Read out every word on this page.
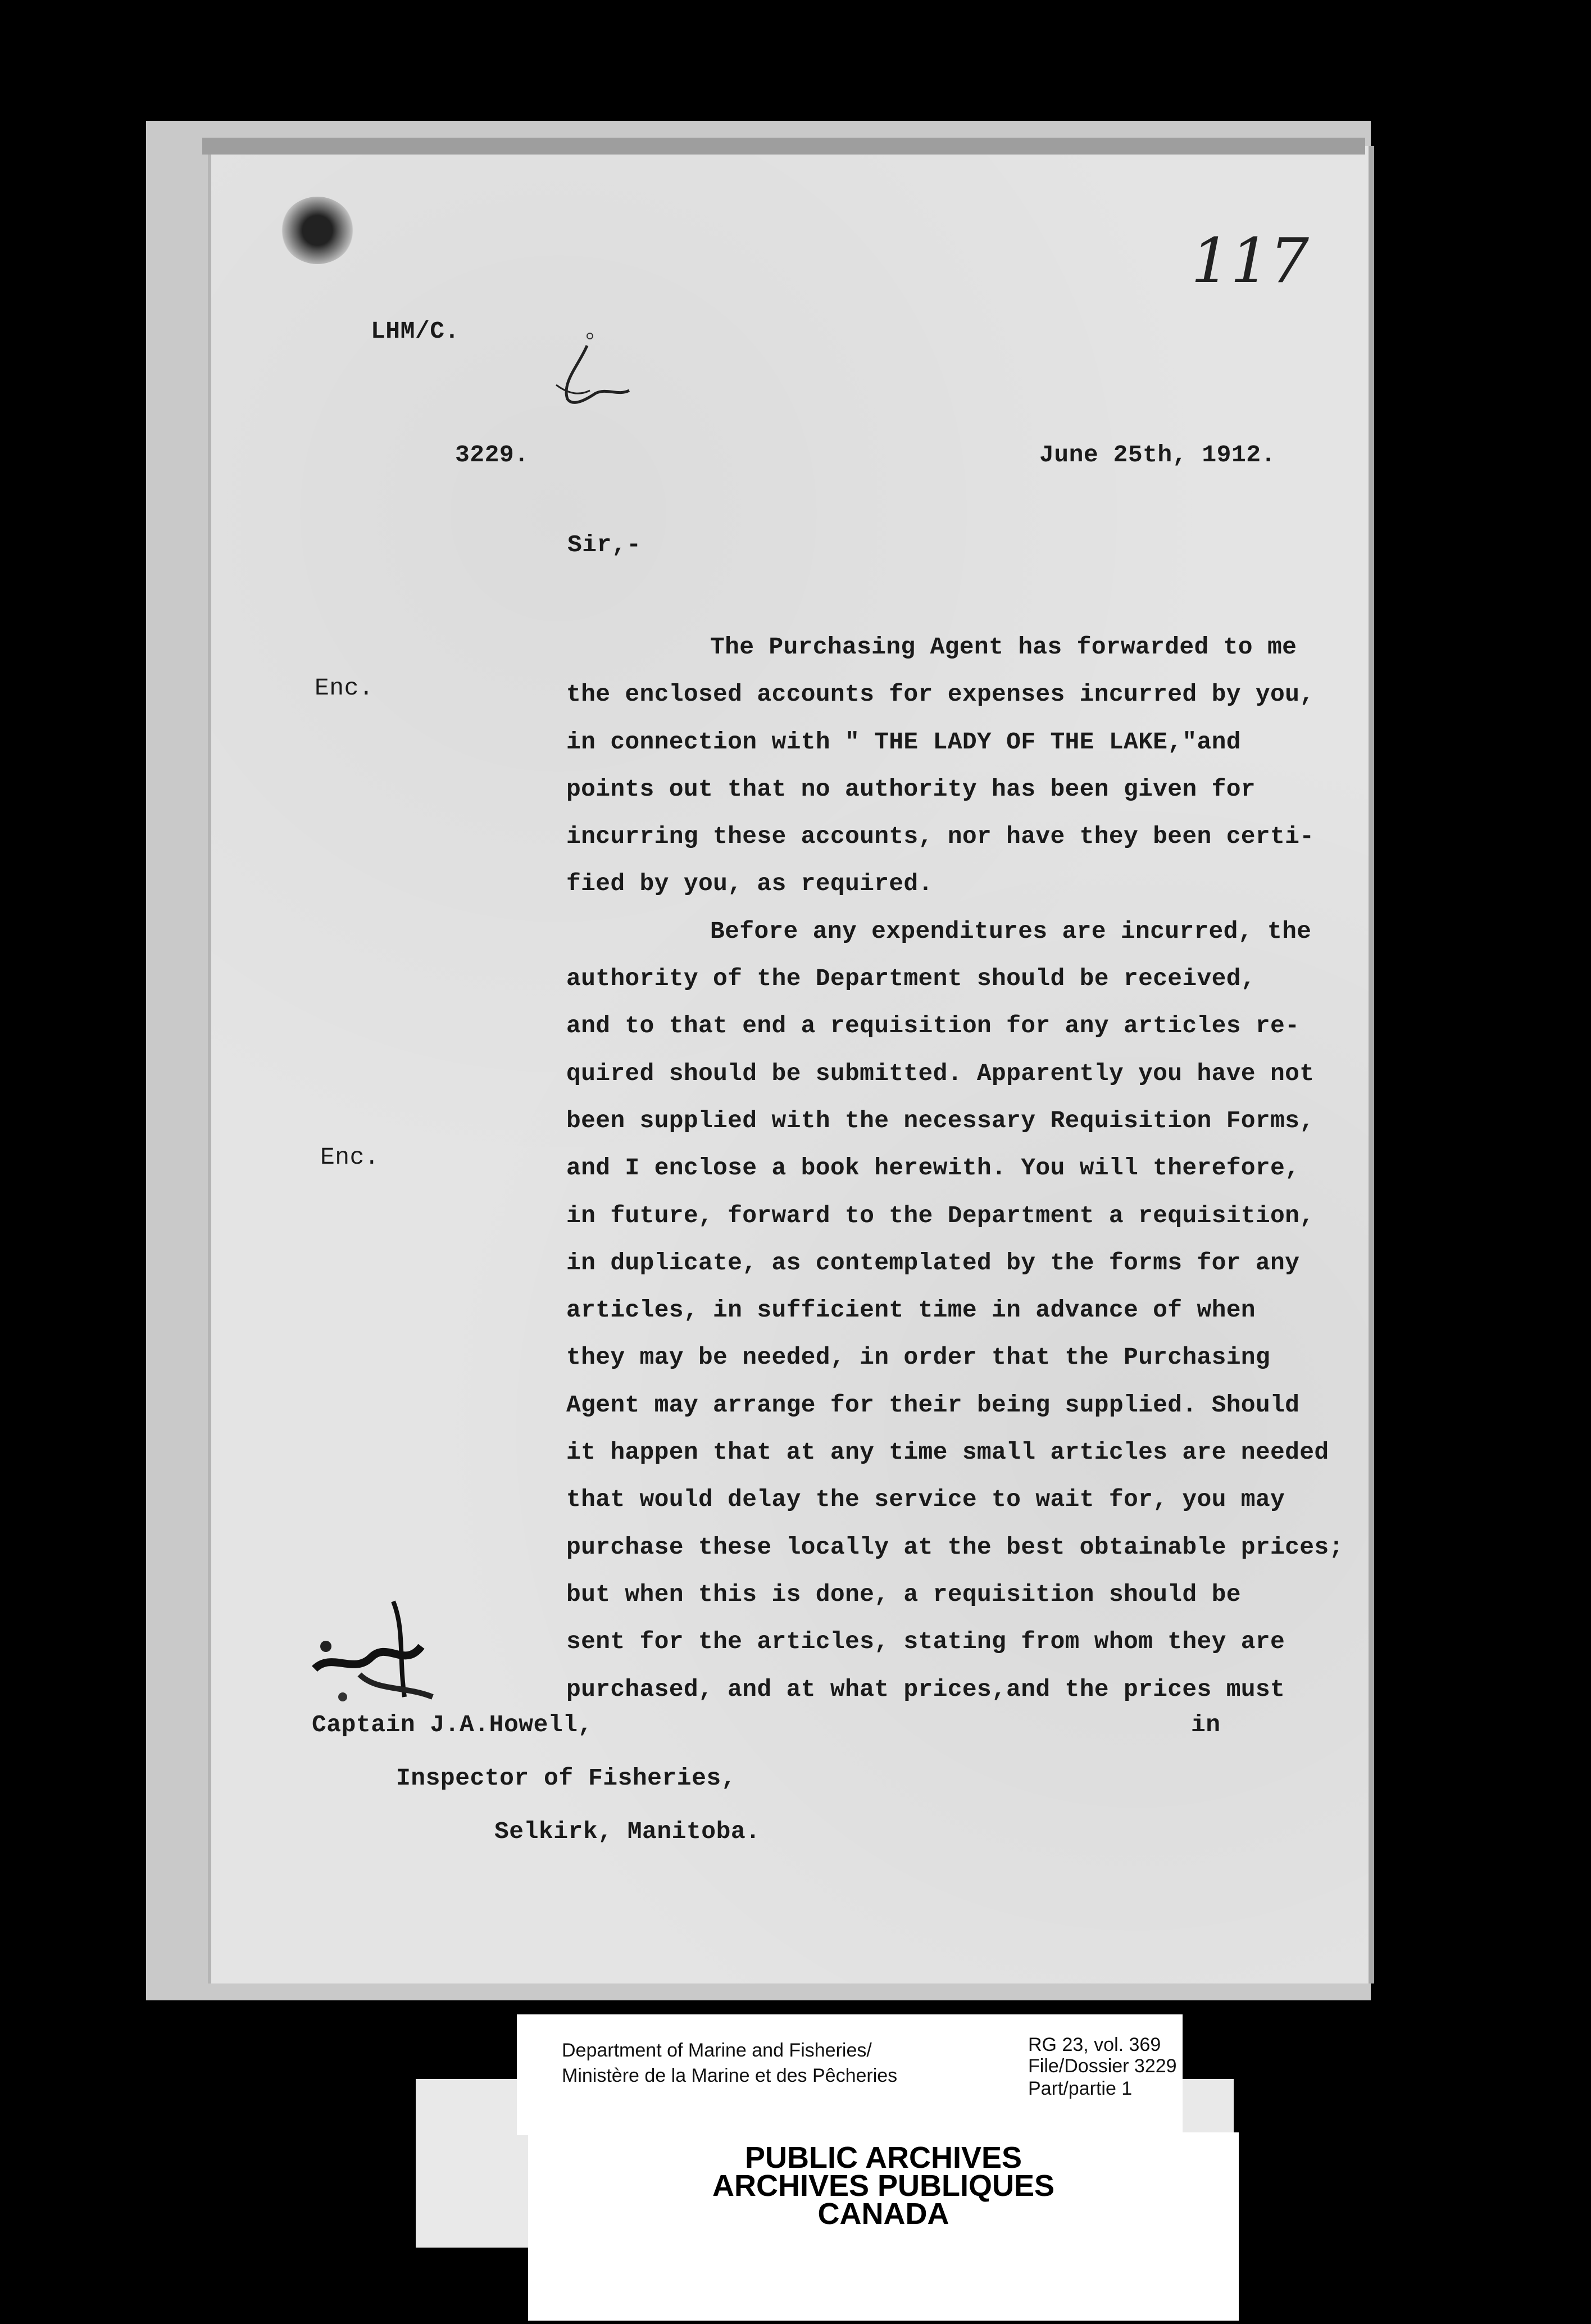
117
LHM/C.
3229.	June 25th, 1912.
Sir,-
Enc.
Enc.
The Purchasing Agent has forwarded to me
the enclosed accounts for expenses incurred by you,
in connection with " THE LADY OF THE LAKE,"and
points out that no authority has been given for
incurring these accounts, nor have they been certi-
fied by you, as required.
Before any expenditures are incurred, the
authority of the Department should be received,
and to that end a requisition for any articles re-
quired should be submitted. Apparently you have not
been supplied with the necessary Requisition Forms,
and I enclose a book herewith. You will therefore,
in future, forward to the Department a requisition,
in duplicate, as contemplated by the forms for any
articles, in sufficient time in advance of when
they may be needed, in order that the Purchasing
Agent may arrange for their being supplied. Should
it happen that at any time small articles are needed
that would delay the service to wait for, you may
purchase these locally at the best obtainable prices;
but when this is done, a requisition should be
sent for the articles, stating from whom they are
purchased, and at what prices,and the prices must
Captain J.A.Howell,	in
Inspector of Fisheries,
Selkirk, Manitoba.
Department of Marine and Fisheries/
Ministère de la Marine et des Pêcheries
RG 23, vol. 369
File/Dossier 3229
Part/partie 1
PUBLIC ARCHIVES
ARCHIVES PUBLIQUES
CANADA
